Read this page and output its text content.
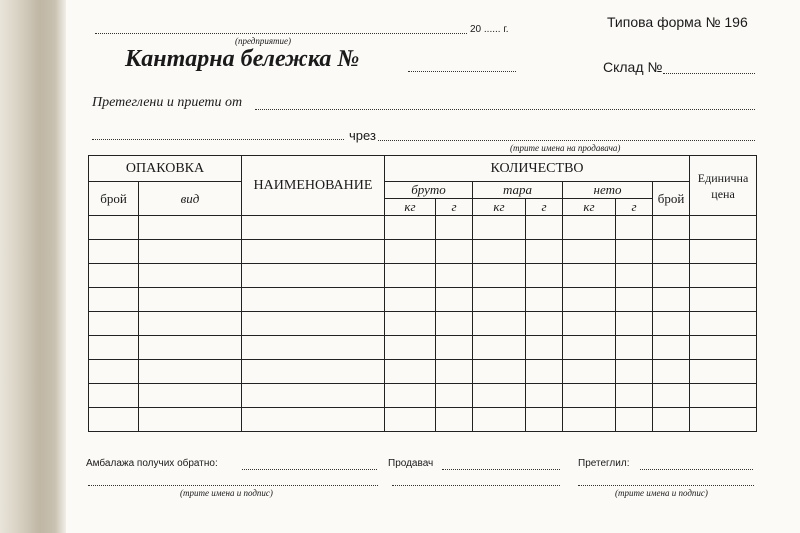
20 ...... г.
(предприятие)
Типова форма № 196
Кантарна бележка №	Склад №
Претеглени и приети от
чрез
(трите имена на продавача)
ОПАКОВКА		НАИМЕНОВАНИЕ	КОЛИЧЕСТВО							Единична цена
брой	вид		бруто		тара		нето		брой	
			кг	г	кг	г	кг	г		

Амбалажа получих обратно:	Продавач	Претеглил:
(трите имена и подпис)	(трите имена и подпис)
